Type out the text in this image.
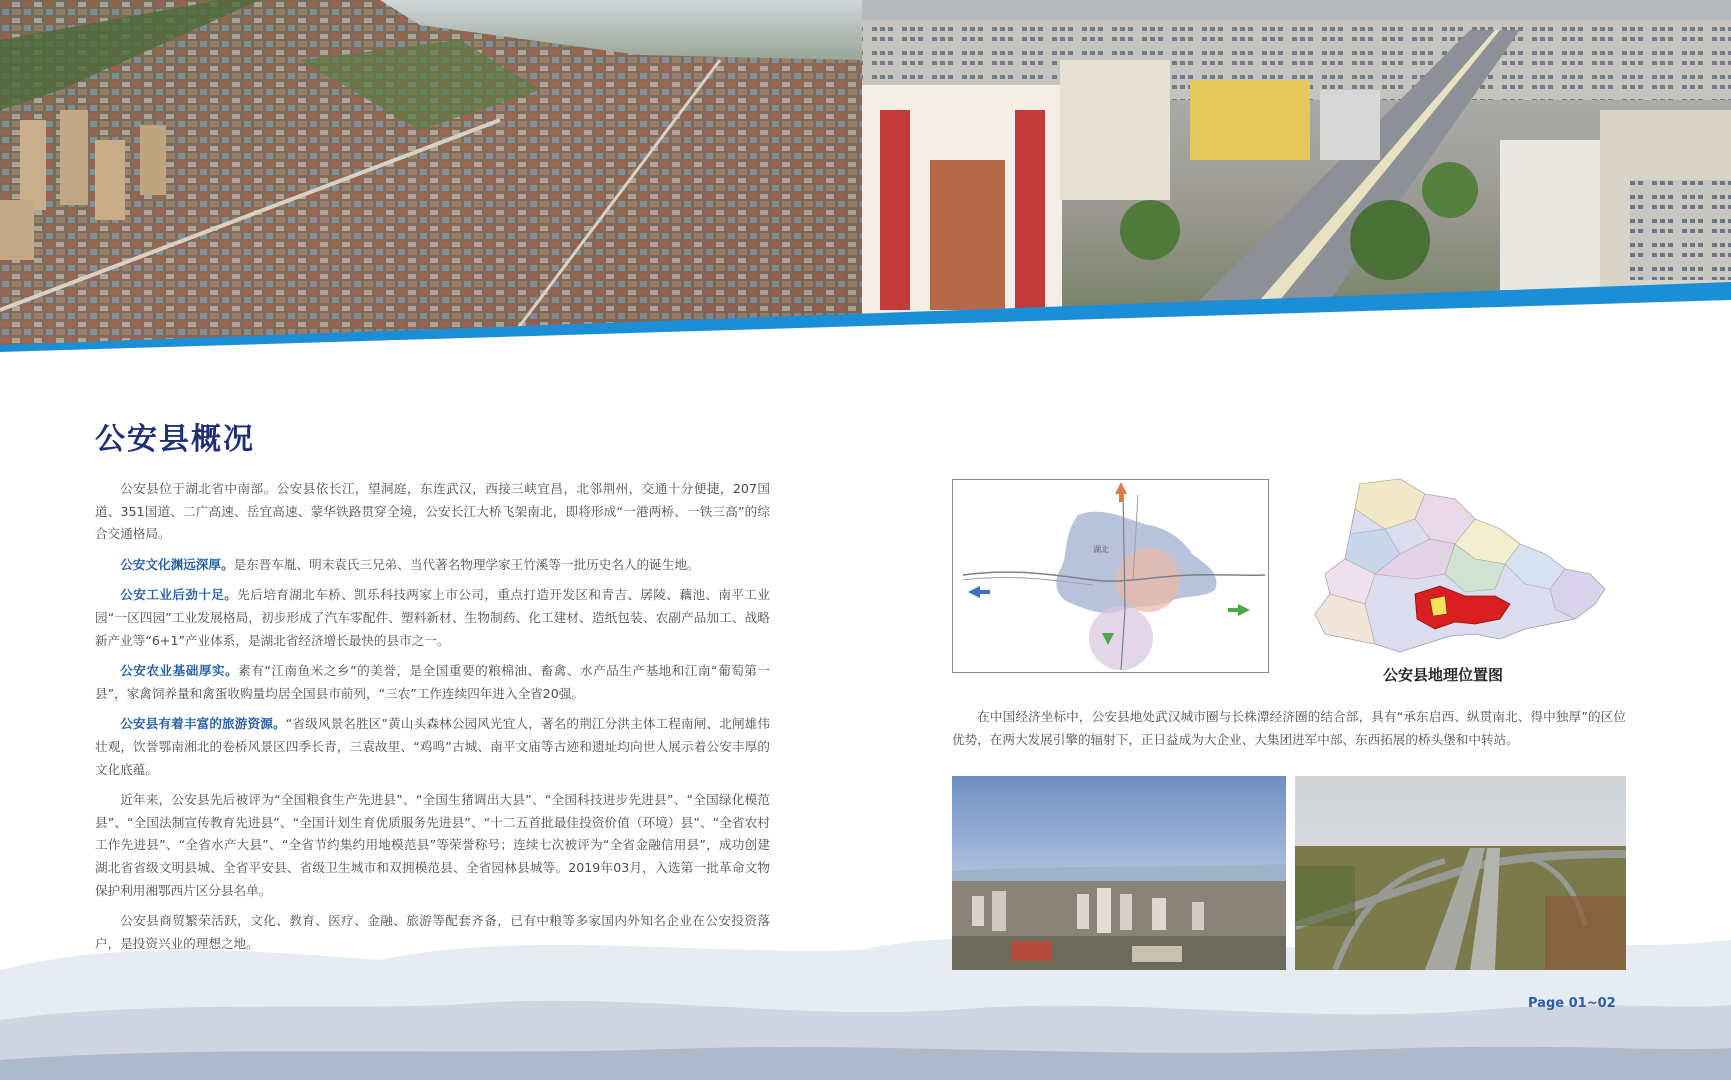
公安县概况

公安县位于湖北省中南部。公安县依长江，望洞庭，东连武汉，西接三峡宜昌，北邻荆州，交通十分便捷，207国道、351国道、二广高速、岳宜高速、蒙华铁路贯穿全境，公安长江大桥飞架南北，即将形成“一港两桥、一铁三高”的综合交通格局。

公安文化渊远深厚。是东晋车胤、明末袁氏三兄弟、当代著名物理学家王竹溪等一批历史名人的诞生地。

公安工业后劲十足。先后培育湖北车桥、凯乐科技两家上市公司，重点打造开发区和青吉、孱陵、藕池、南平工业园“一区四园”工业发展格局，初步形成了汽车零配件、塑料新材、生物制药、化工建材、造纸包装、农副产品加工、战略新产业等“6+1”产业体系，是湖北省经济增长最快的县市之一。

公安农业基础厚实。素有“江南鱼米之乡”的美誉，是全国重要的粮棉油、畜禽、水产品生产基地和江南“葡萄第一县”，家禽饲养量和禽蛋收购量均居全国县市前列，“三农”工作连续四年进入全省20强。

公安县有着丰富的旅游资源。“省级风景名胜区”黄山头森林公园风光宜人，著名的荆江分洪主体工程南闸、北闸雄伟壮观，饮誉鄂南湘北的卷桥风景区四季长青，三袁故里、“鸡鸣”古城、南平文庙等古迹和遗址均向世人展示着公安丰厚的文化底蕴。

近年来，公安县先后被评为“全国粮食生产先进县”、“全国生猪调出大县”、“全国科技进步先进县”、“全国绿化模范县”、“全国法制宣传教育先进县”、“全国计划生育优质服务先进县”、“十二五首批最佳投资价值（环境）县”、“全省农村工作先进县”、“全省水产大县”、“全省节约集约用地模范县”等荣誉称号；连续七次被评为“全省金融信用县”，成功创建湖北省省级文明县城、全省平安县、省级卫生城市和双拥模范县、全省园林县城等。2019年03月，入选第一批革命文物保护利用湘鄂西片区分县名单。

公安县商贸繁荣活跃，文化、教育、医疗、金融、旅游等配套齐备，已有中粮等多家国内外知名企业在公安投资落户，是投资兴业的理想之地。

湖北
公安县地理位置图

在中国经济坐标中，公安县地处武汉城市圈与长株潭经济圈的结合部，具有“承东启西、纵贯南北、得中独厚”的区位优势，在两大发展引擎的辐射下，正日益成为大企业、大集团进军中部、东西拓展的桥头堡和中转站。

Page 01~02
